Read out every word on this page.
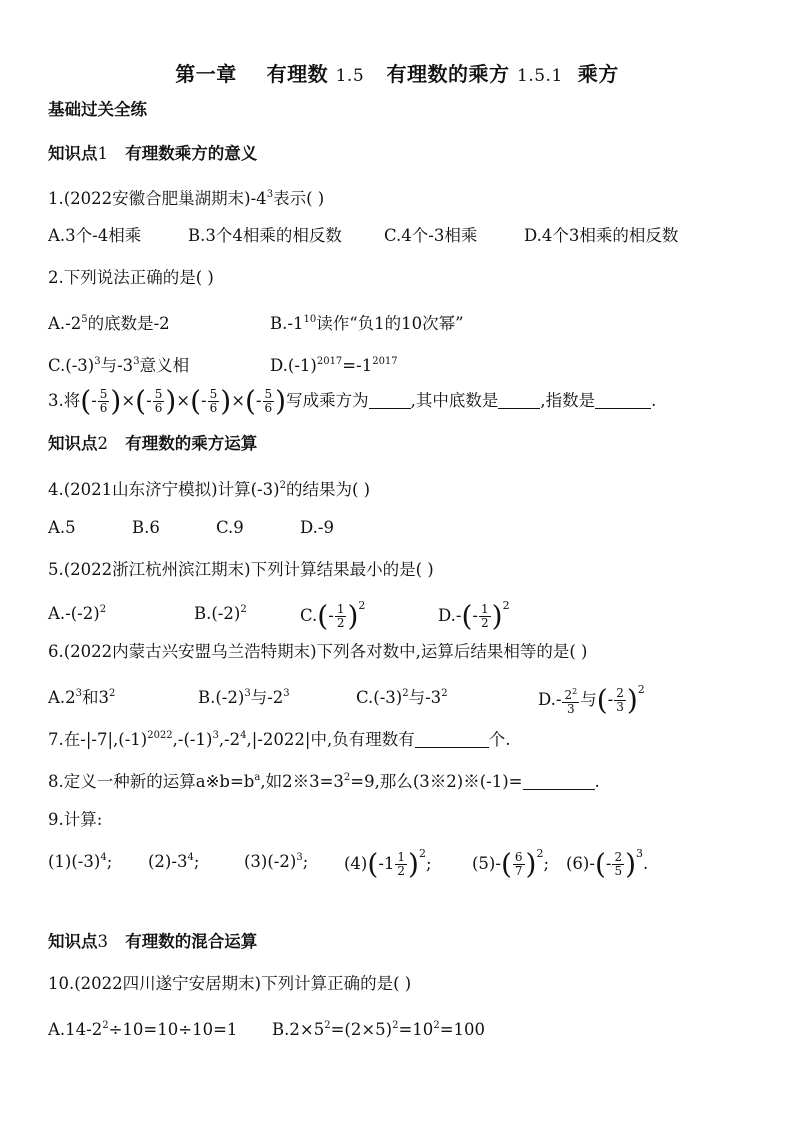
第一章 有理数 1.5 有理数的乘方 1.5.1 乘方
基础过关全练
知识点1 有理数乘方的意义
1.(2022安徽合肥巢湖期末)$-4^3$表示( )
A.3个-4相乘	B.3个4相乘的相反数	C.4个-3相乘	D.4个3相乘的相反数
2.下列说法正确的是( )
$A.-2^5$的底数是-2	$B.-1^{10}$读作“负1的10次幂”
$C.(-3)^3$与$-3^3$意义相	$D.(-1)^{2017}=-1^{2017}$
3.将(- $\frac{5}{6}$ )×(- $\frac{5}{6}$ )×(- $\frac{5}{6}$ )×(- $\frac{5}{6}$ )写成乘方为	,其中底数是	,指数是	.
知识点2 有理数的乘方运算
4.(2021山东济宁模拟)计算$(-3)^2$的结果为( )
A.5	B.6	C.9	D.-9
5.(2022浙江杭州滨江期末)下列计算结果最小的是( )
$A.-(-2)^2$	$B.(-2)^2$	$C.(- \frac{1}{2} )^2$
$D.-(- \frac{1}{2} )^2$
6.(2022内蒙古兴安盟乌兰浩特期末)下列各对数中,运算后结果相等的是( )
$A.2^3$和$3^2$	$B.(-2)^3$与$-2^3$	$C.(-3)^2$与$-3^2$	$D.- \frac{2^2}{3}$ 与(- $\frac{2}{3} )^2$
7.在$-|-7|,(-1)^{2022},-(-1)^3,-2^4,|-2022|$中,负有理数有	个.
8.定义一种新的运算$a※b=b^a$,如$2※3=3^2=9$,那么(3※2)※(-1)=	.
9.计算:
$(1)(-3)^4$; $(2)-3^4$;	$(3)(-2)^3$; $(4)(-1 \frac{1}{2} )^2$; $(5)-( \frac{6}{7} )^2$; $(6)-(- \frac{2}{5} )^3$.
知识点3 有理数的混合运算
10.(2022四川遂宁安居期末)下列计算正确的是( )
$A.14-2^2\div 10=10\div 10=1$ $B.2\times 5^2=(2\times 5)^2=10^2=100$
